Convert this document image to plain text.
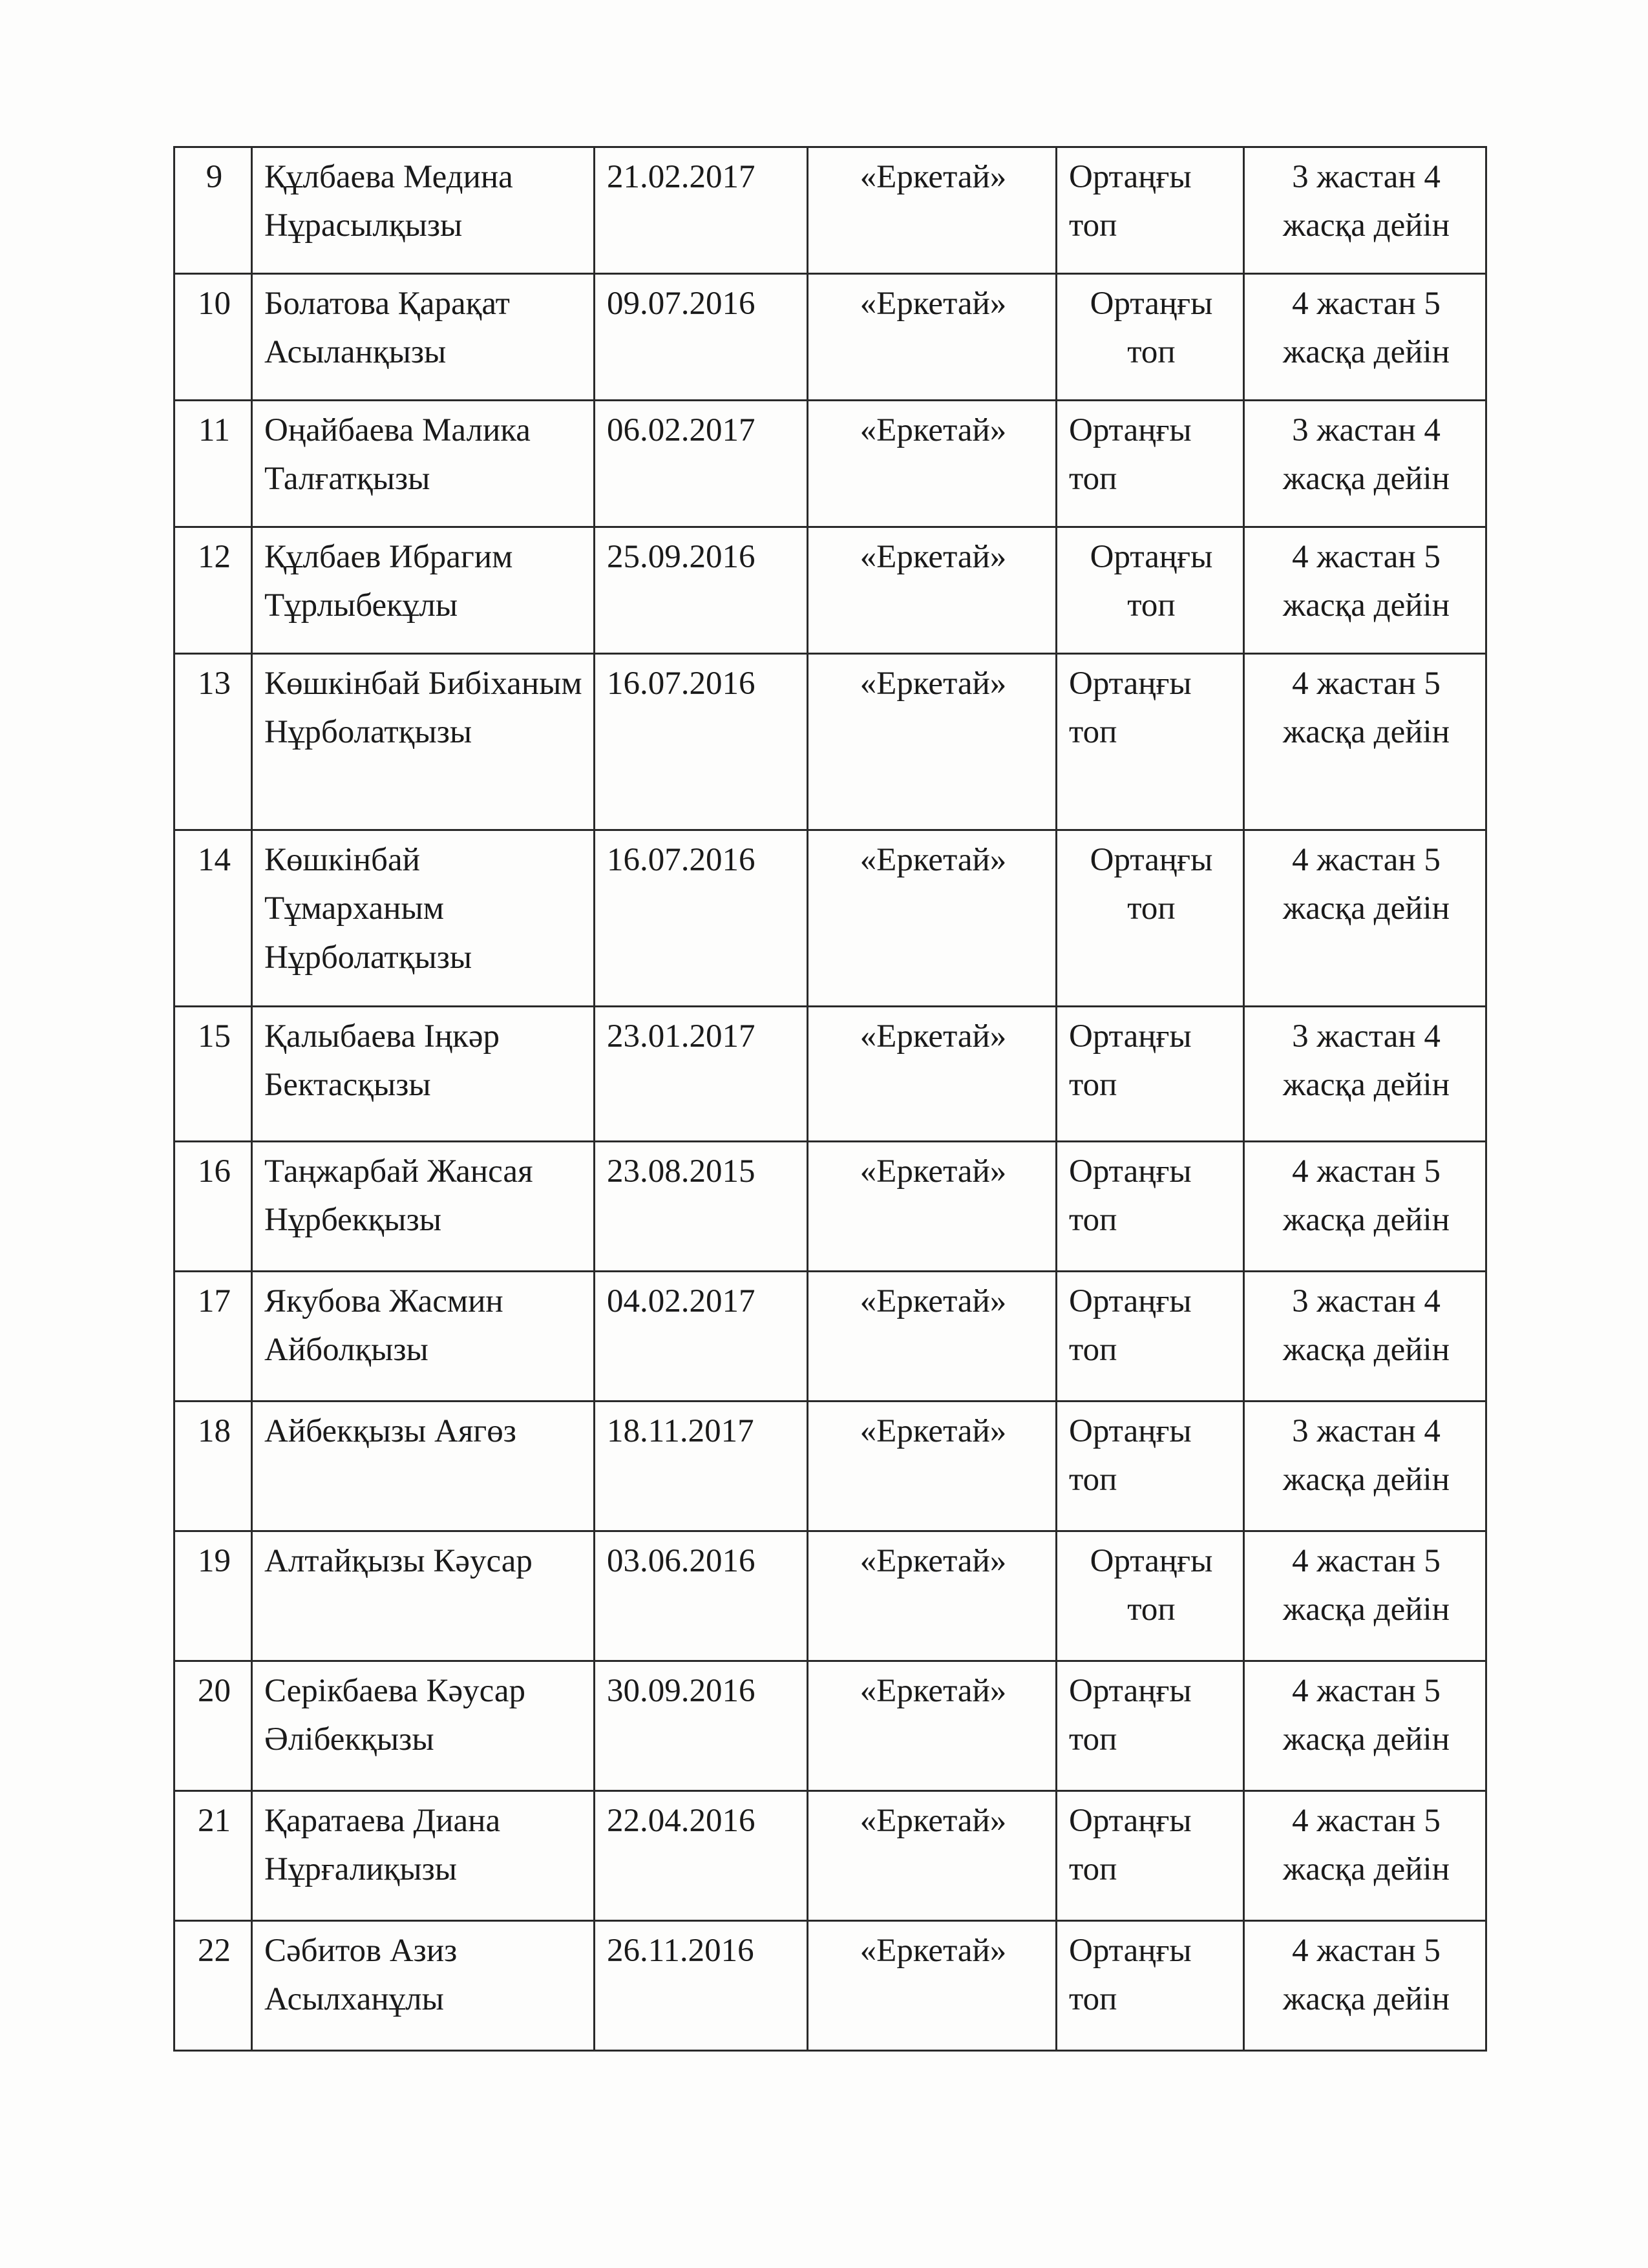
9	Құлбаева Медина Нұрасылқызы	21.02.2017	«Еркетай»	Ортаңғы топ	3 жастан 4 жасқа дейін
10	Болатова Қарақат Асыланқызы	09.07.2016	«Еркетай»	Ортаңғы топ	4 жастан 5 жасқа дейін
11	Оңайбаева Малика Талғатқызы	06.02.2017	«Еркетай»	Ортаңғы топ	3 жастан 4 жасқа дейін
12	Құлбаев Ибрагим Тұрлыбекұлы	25.09.2016	«Еркетай»	Ортаңғы топ	4 жастан 5 жасқа дейін
13	Көшкінбай Бибіханым Нұрболатқызы	16.07.2016	«Еркетай»	Ортаңғы топ	4 жастан 5 жасқа дейін
14	Көшкінбай Тұмарханым Нұрболатқызы	16.07.2016	«Еркетай»	Ортаңғы топ	4 жастан 5 жасқа дейін
15	Қалыбаева Іңкәр Бектасқызы	23.01.2017	«Еркетай»	Ортаңғы топ	3 жастан 4 жасқа дейін
16	Таңжарбай Жансая Нұрбекқызы	23.08.2015	«Еркетай»	Ортаңғы топ	4 жастан 5 жасқа дейін
17	Якубова Жасмин Айболқызы	04.02.2017	«Еркетай»	Ортаңғы топ	3 жастан 4 жасқа дейін
18	Айбекқызы Аягөз	18.11.2017	«Еркетай»	Ортаңғы топ	3 жастан 4 жасқа дейін
19	Алтайқызы Кәусар	03.06.2016	«Еркетай»	Ортаңғы топ	4 жастан 5 жасқа дейін
20	Серікбаева Кәусар Әлібекқызы	30.09.2016	«Еркетай»	Ортаңғы топ	4 жастан 5 жасқа дейін
21	Қаратаева Диана Нұрғалиқызы	22.04.2016	«Еркетай»	Ортаңғы топ	4 жастан 5 жасқа дейін
22	Сәбитов Азиз Асылханұлы	26.11.2016	«Еркетай»	Ортаңғы топ	4 жастан 5 жасқа дейін
